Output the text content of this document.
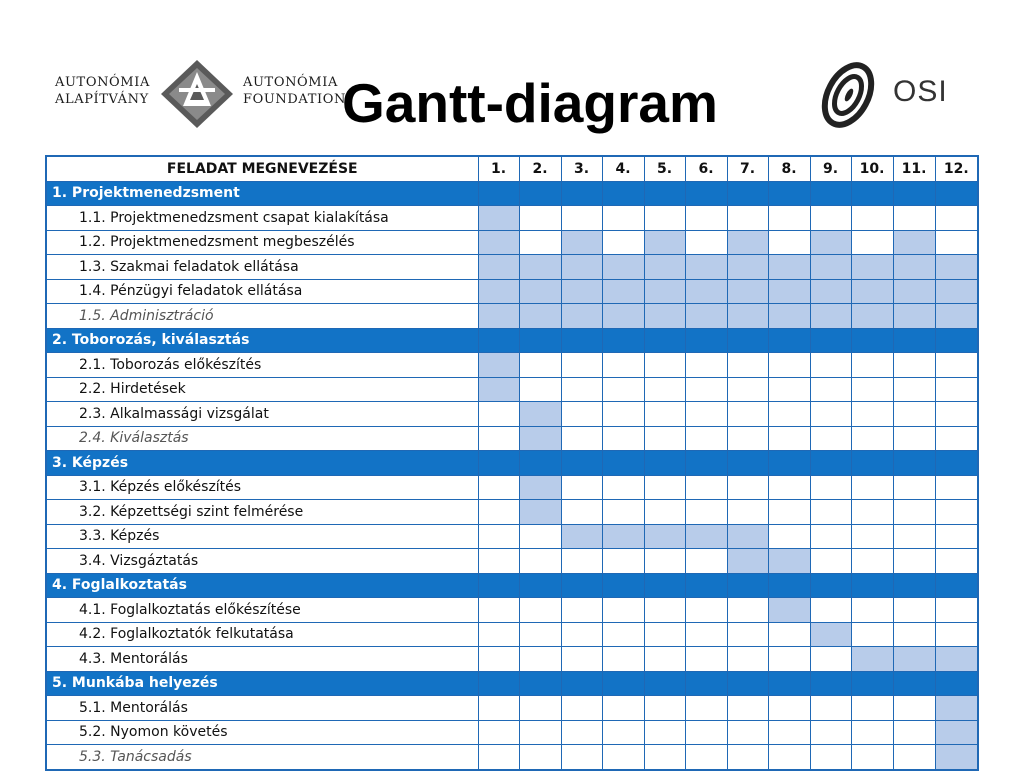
AUTONÓMIA
ALAPÍTVÁNY
AUTONÓMIA
FOUNDATION
Gantt-diagram	OSI
FELADAT MEGNEVEZÉSE	1.	2.	3.	4.	5.	6.	7.	8.	9.	10.	11.	12.
1. Projektmenedzsment												
1.1. Projektmenedzsment csapat kialakítása												
1.2. Projektmenedzsment megbeszélés												
1.3. Szakmai feladatok ellátása												
1.4. Pénzügyi feladatok ellátása												
1.5. Adminisztráció												
2. Toborozás, kiválasztás												
2.1. Toborozás előkészítés												
2.2. Hirdetések												
2.3. Alkalmassági vizsgálat												
2.4. Kiválasztás												
3. Képzés												
3.1. Képzés előkészítés												
3.2. Képzettségi szint felmérése												
3.3. Képzés												
3.4. Vizsgáztatás												
4. Foglalkoztatás												
4.1. Foglalkoztatás előkészítése												
4.2. Foglalkoztatók felkutatása												
4.3. Mentorálás												
5. Munkába helyezés												
5.1. Mentorálás												
5.2. Nyomon követés												
5.3. Tanácsadás												
